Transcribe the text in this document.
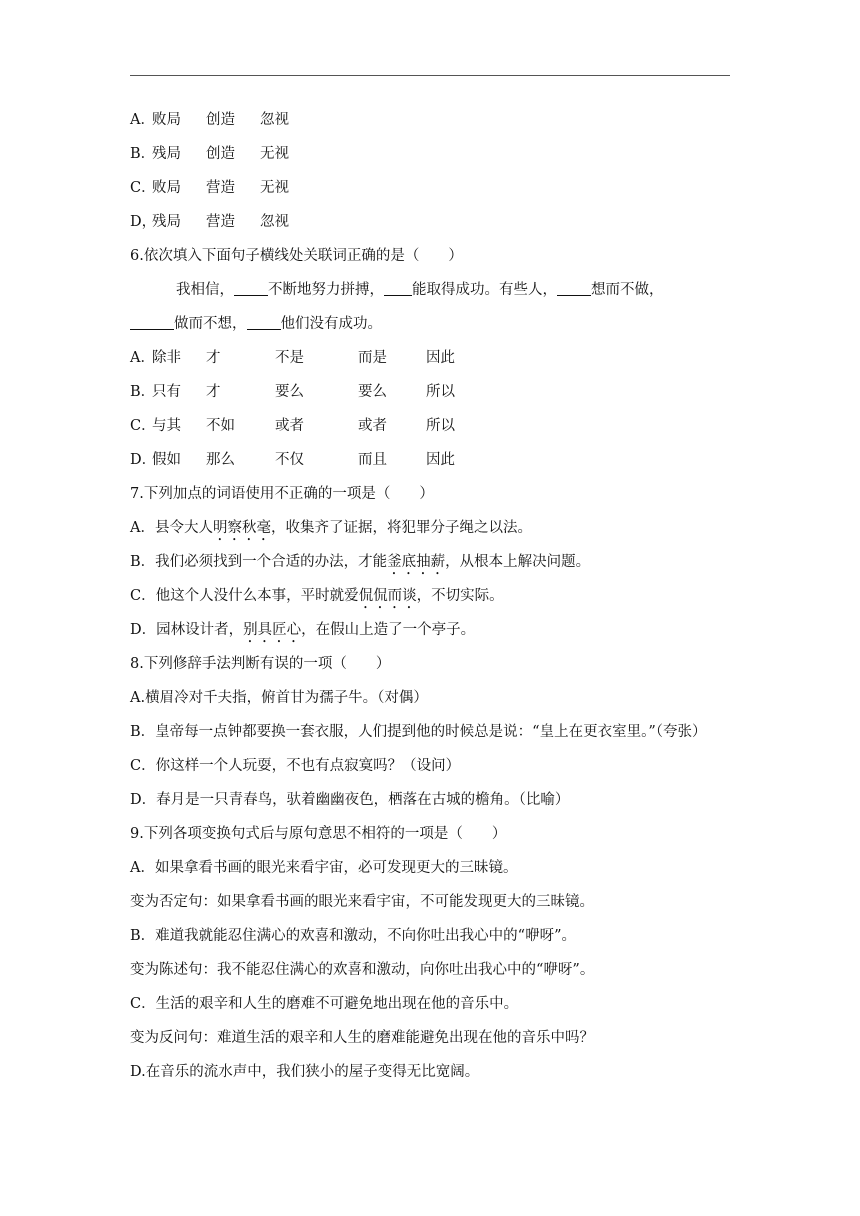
A．
败局	创造	忽视
B．
残局	创造	无视
C．
败局	营造	无视
D，
残局	营造	忽视
6.依次填入下面句子横线处关联词正确的是（　　）
我相信， 不断地努力拼搏， 能取得成功。有些人， 想而不做，
做而不想， 他们没有成功。
A．
除非	才	不是	而是	因此
B．
只有	才	要么	要么	所以
C．
与其	不如	或者	或者	所以
D．
假如	那么	不仅	而且	因此
7.下列加点的词语使用不正确的一项是（　　）
A．县令大人明察秋毫，收集齐了证据，将犯罪分子绳之以法。
B．我们必须找到一个合适的办法，才能釜底抽薪，从根本上解决问题。
C．他这个人没什么本事，平时就爱侃侃而谈，不切实际。
D．园林设计者，别具匠心，在假山上造了一个亭子。
8.下列修辞手法判断有误的一项（　　）
A.横眉冷对千夫指，俯首甘为孺子牛。（对偶）
B．皇帝每一点钟都要换一套衣服，人们提到他的时候总是说：“皇上在更衣室里。”（夸张）
C．你这样一个人玩耍，不也有点寂寞吗？（设问）
D．春月是一只青春鸟，驮着幽幽夜色，栖落在古城的檐角。（比喻）
9.下列各项变换句式后与原句意思不相符的一项是（　　）
A．如果拿看书画的眼光来看宇宙，必可发现更大的三昧镜。
变为否定句：如果拿看书画的眼光来看宇宙，不可能发现更大的三昧镜。
B．难道我就能忍住满心的欢喜和激动，不向你吐出我心中的“咿呀”。
变为陈述句：我不能忍住满心的欢喜和激动，向你吐出我心中的“咿呀”。
C．生活的艰辛和人生的磨难不可避免地出现在他的音乐中。
变为反问句：难道生活的艰辛和人生的磨难能避免出现在他的音乐中吗？
D.在音乐的流水声中，我们狭小的屋子变得无比宽阔。
